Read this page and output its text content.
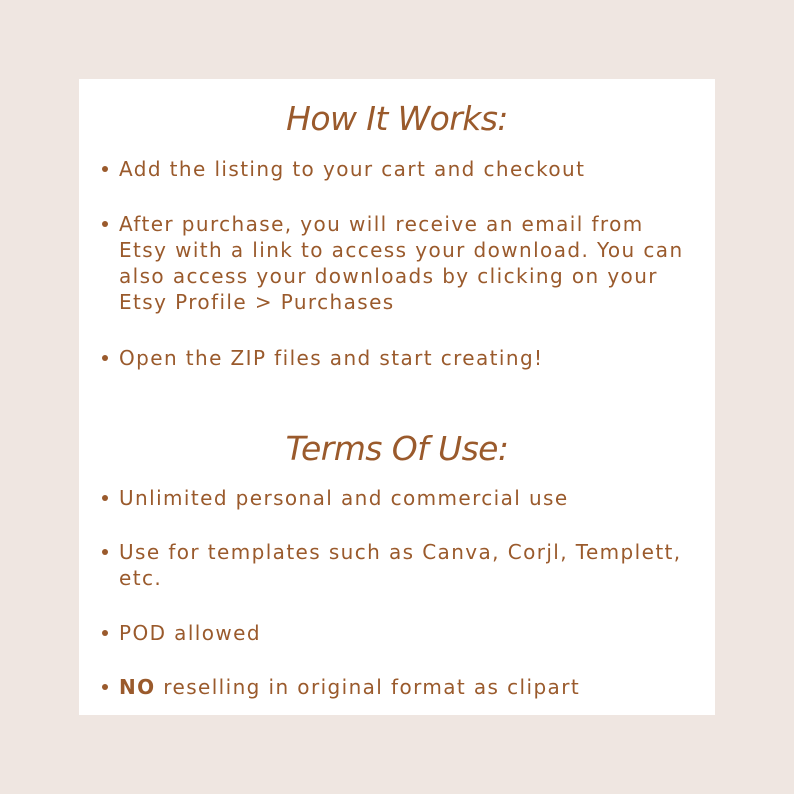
How It Works:
Add the listing to your cart and checkout
After purchase, you will receive an email from Etsy with a link to access your download. You can also access your downloads by clicking on your Etsy Profile > Purchases
Open the ZIP files and start creating!
Terms Of Use:
Unlimited personal and commercial use
Use for templates such as Canva, Corjl, Templett, etc.
POD allowed
NO reselling in original format as clipart
